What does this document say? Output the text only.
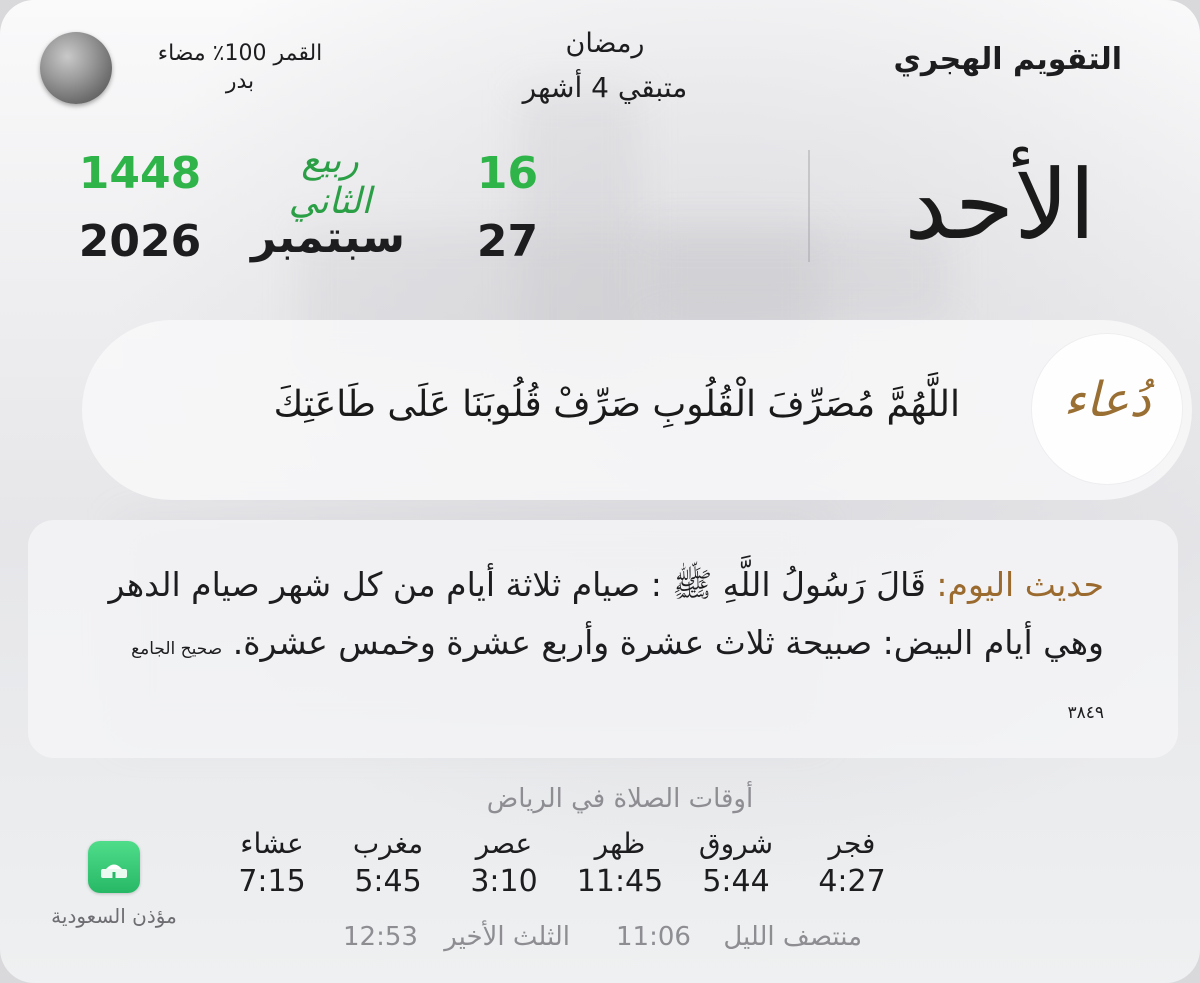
التقويم الهجري
رمضان
متبقي 4 أشهر
القمر 100٪ مضاء
بدر
الأحد
16
ربيع الثاني
1448
27
سبتمبر
2026
دُعاء
اللَّهُمَّ مُصَرِّفَ الْقُلُوبِ صَرِّفْ قُلُوبَنَا عَلَى طَاعَتِكَ
حديث اليوم: قَالَ رَسُولُ اللَّهِ ﷺ : صيام ثلاثة أيام من كل شهر صيام الدهر وهي أيام البيض: صبيحة ثلاث عشرة وأربع عشرة وخمس عشرة. صحيح الجامع ٣٨٤٩
أوقات الصلاة في الرياض
فجر
4:27
شروق
5:44
ظهر
11:45
عصر
3:10
مغرب
5:45
عشاء
7:15
منتصف الليل
11:06
الثلث الأخير
12:53
مؤذن السعودية
